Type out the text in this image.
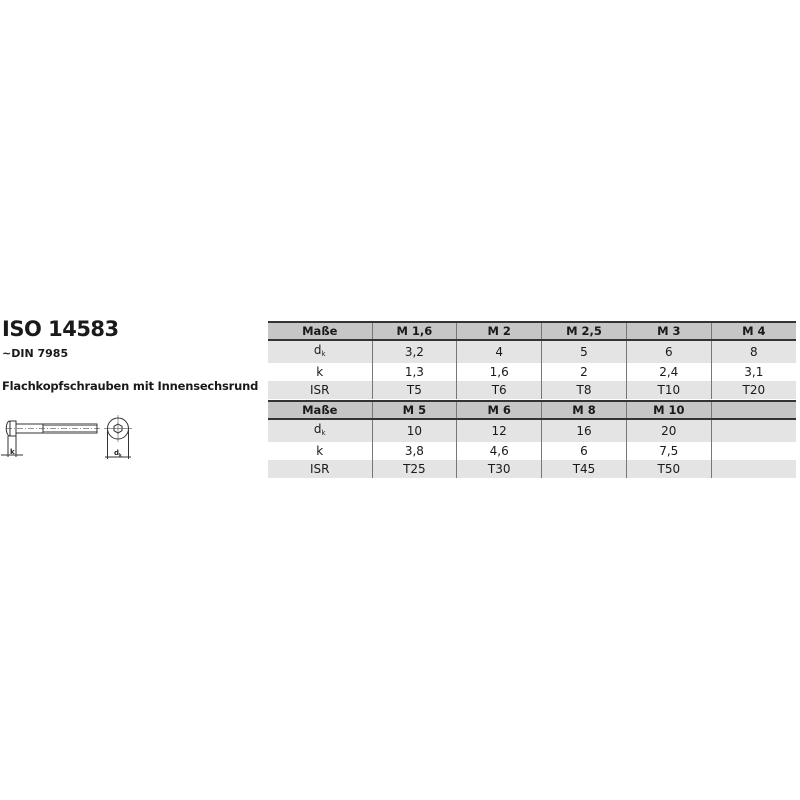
ISO 14583
~DIN 7985
Flachkopfschrauben mit Innensechsrund
k	$d_k$
Maße	M 1,6	M 2	M 2,5	M 3	M 4
$d_k$	3,2	4	5	6	8
k	1,3	1,6	2	2,4	3,1
ISR	T5	T6	T8	T10	T20
Maße	M 5	M 6	M 8	M 10	
$d_k$	10	12	16	20	
k	3,8	4,6	6	7,5	
ISR	T25	T30	T45	T50	
